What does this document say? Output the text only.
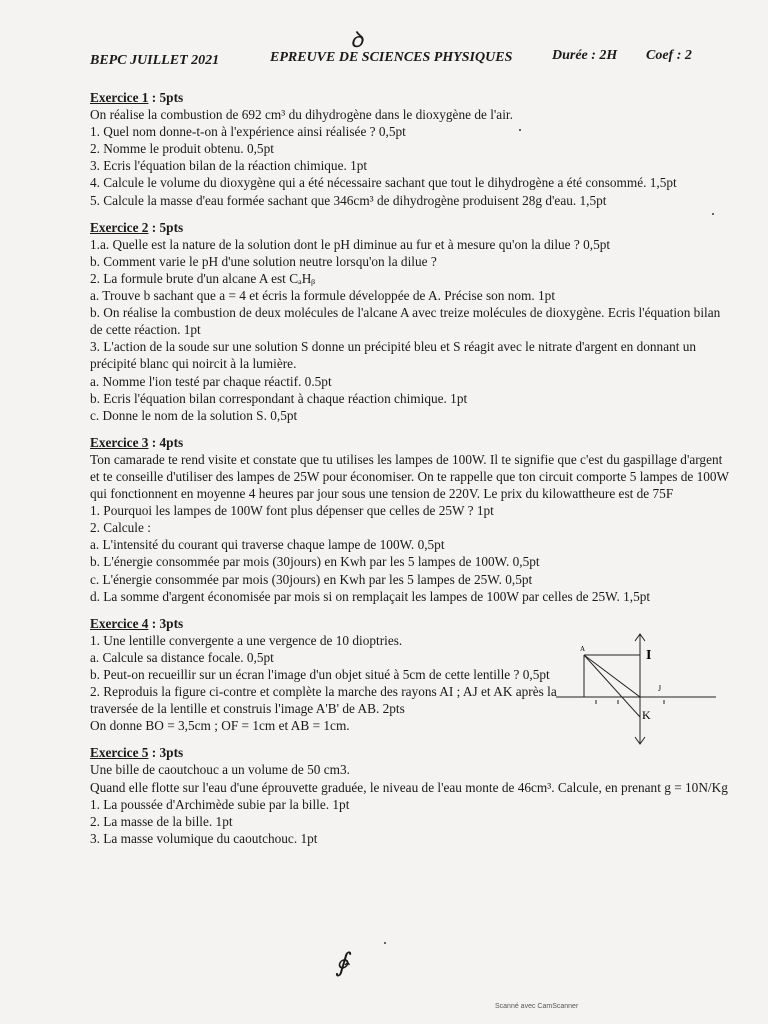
ꝺ
BEPC JUILLET 2021	EPREUVE DE SCIENCES PHYSIQUES	Durée : 2H Coef : 2
Exercice 1 : 5pts
On réalise la combustion de 692 cm³ du dihydrogène dans le dioxygène de l'air.
1. Quel nom donne-t-on à l'expérience ainsi réalisée ? 0,5pt
2. Nomme le produit obtenu. 0,5pt
3. Ecris l'équation bilan de la réaction chimique. 1pt
4. Calcule le volume du dioxygène qui a été nécessaire sachant que tout le dihydrogène a été consommé. 1,5pt
5. Calcule la masse d'eau formée sachant que 346cm³ de dihydrogène produisent 28g d'eau. 1,5pt
Exercice 2 : 5pts
1.a. Quelle est la nature de la solution dont le pH diminue au fur et à mesure qu'on la dilue ? 0,5pt
b. Comment varie le pH d'une solution neutre lorsqu'on la dilue ?
2. La formule brute d'un alcane A est CₐHᵦ
a. Trouve b sachant que a = 4 et écris la formule développée de A. Précise son nom. 1pt
b. On réalise la combustion de deux molécules de l'alcane A avec treize molécules de dioxygène. Ecris l'équation bilan de cette réaction. 1pt
3. L'action de la soude sur une solution S donne un précipité bleu et S réagit avec le nitrate d'argent en donnant un précipité blanc qui noircit à la lumière.
a. Nomme l'ion testé par chaque réactif. 0.5pt
b. Ecris l'équation bilan correspondant à chaque réaction chimique. 1pt
c. Donne le nom de la solution S. 0,5pt
Exercice 3 : 4pts
Ton camarade te rend visite et constate que tu utilises les lampes de 100W. Il te signifie que c'est du gaspillage d'argent et te conseille d'utiliser des lampes de 25W pour économiser. On te rappelle que ton circuit comporte 5 lampes de 100W qui fonctionnent en moyenne 4 heures par jour sous une tension de 220V. Le prix du kilowattheure est de 75F
1. Pourquoi les lampes de 100W font plus dépenser que celles de 25W ? 1pt
2. Calcule :
a. L'intensité du courant qui traverse chaque lampe de 100W. 0,5pt
b. L'énergie consommée par mois (30jours) en Kwh par les 5 lampes de 100W. 0,5pt
c. L'énergie consommée par mois (30jours) en Kwh par les 5 lampes de 25W. 0,5pt
d. La somme d'argent économisée par mois si on remplaçait les lampes de 100W par celles de 25W. 1,5pt
Exercice 4 : 3pts
1. Une lentille convergente a une vergence de 10 dioptries.
a. Calcule sa distance focale. 0,5pt
b. Peut-on recueillir sur un écran l'image d'un objet situé à 5cm de cette lentille ? 0,5pt
2. Reproduis la figure ci-contre et complète la marche des rayons AI ; AJ et AK après la traversée de la lentille et construis l'image A'B' de AB. 2pts
On donne BO = 3,5cm ; OF = 1cm et AB = 1cm.
A	I
J
K
Exercice 5 : 3pts
Une bille de caoutchouc a un volume de 50 cm3.
Quand elle flotte sur l'eau d'une éprouvette graduée, le niveau de l'eau monte de 46cm³. Calcule, en prenant g = 10N/Kg
1. La poussée d'Archimède subie par la bille. 1pt
2. La masse de la bille. 1pt
3. La masse volumique du caoutchouc. 1pt
∳
Scanné avec CamScanner
